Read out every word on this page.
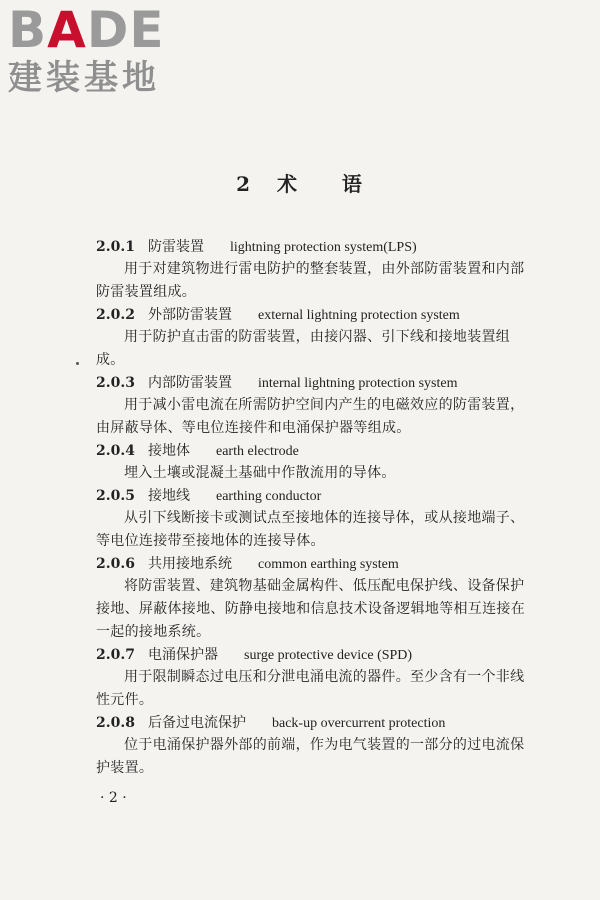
BADE
建装基地
2 术 语
2.0.1 防雷装置 lightning protection system(LPS)
用于对建筑物进行雷电防护的整套装置，由外部防雷装置和内部防雷装置组成。
2.0.2 外部防雷装置 external lightning protection system
用于防护直击雷的防雷装置，由接闪器、引下线和接地装置组成。
2.0.3 内部防雷装置 internal lightning protection system
用于减小雷电流在所需防护空间内产生的电磁效应的防雷装置，由屏蔽导体、等电位连接件和电涌保护器等组成。
2.0.4 接地体 earth electrode
埋入土壤或混凝土基础中作散流用的导体。
2.0.5 接地线 earthing conductor
从引下线断接卡或测试点至接地体的连接导体，或从接地端子、等电位连接带至接地体的连接导体。
2.0.6 共用接地系统 common earthing system
将防雷装置、建筑物基础金属构件、低压配电保护线、设备保护接地、屏蔽体接地、防静电接地和信息技术设备逻辑地等相互连接在一起的接地系统。
2.0.7 电涌保护器 surge protective device (SPD)
用于限制瞬态过电压和分泄电涌电流的器件。至少含有一个非线性元件。
2.0.8 后备过电流保护 back-up overcurrent protection
位于电涌保护器外部的前端，作为电气装置的一部分的过电流保护装置。
· 2 ·
